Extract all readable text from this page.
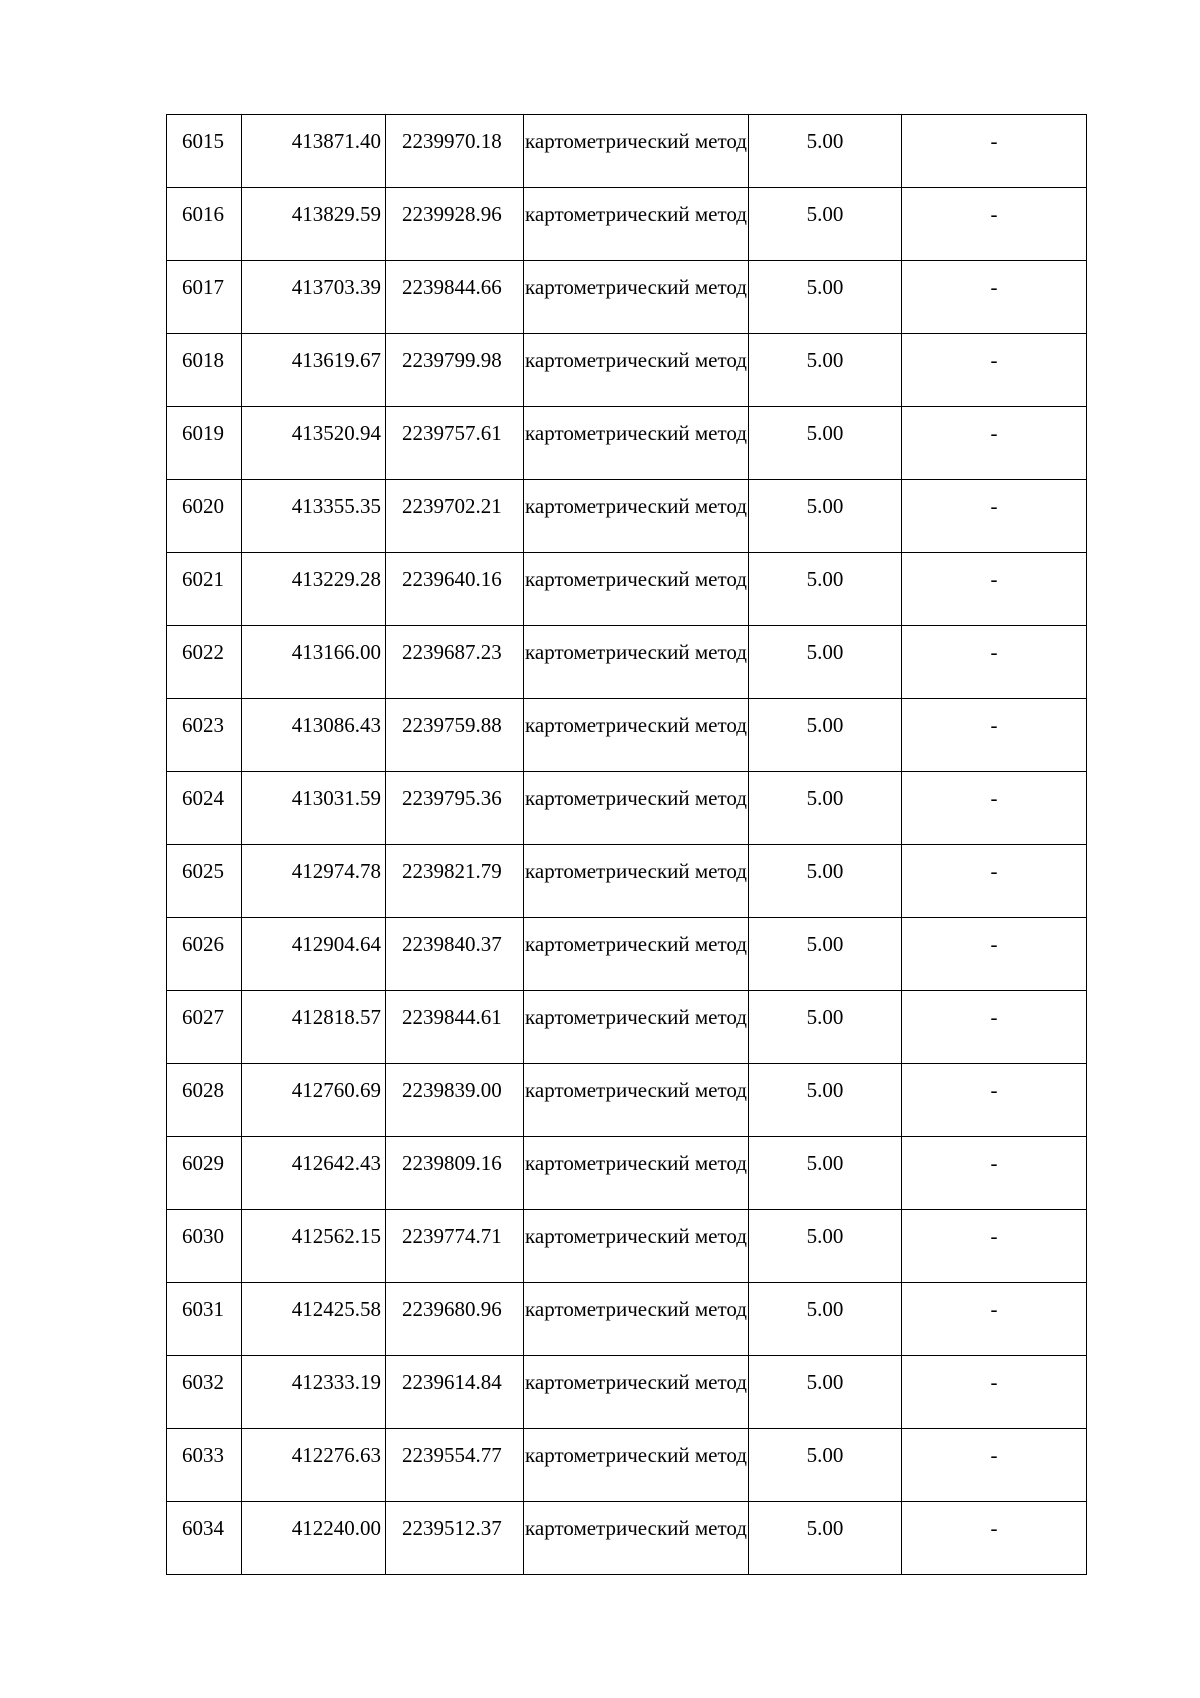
6015	413871.40	2239970.18	картометрический метод	5.00	-
6016	413829.59	2239928.96	картометрический метод	5.00	-
6017	413703.39	2239844.66	картометрический метод	5.00	-
6018	413619.67	2239799.98	картометрический метод	5.00	-
6019	413520.94	2239757.61	картометрический метод	5.00	-
6020	413355.35	2239702.21	картометрический метод	5.00	-
6021	413229.28	2239640.16	картометрический метод	5.00	-
6022	413166.00	2239687.23	картометрический метод	5.00	-
6023	413086.43	2239759.88	картометрический метод	5.00	-
6024	413031.59	2239795.36	картометрический метод	5.00	-
6025	412974.78	2239821.79	картометрический метод	5.00	-
6026	412904.64	2239840.37	картометрический метод	5.00	-
6027	412818.57	2239844.61	картометрический метод	5.00	-
6028	412760.69	2239839.00	картометрический метод	5.00	-
6029	412642.43	2239809.16	картометрический метод	5.00	-
6030	412562.15	2239774.71	картометрический метод	5.00	-
6031	412425.58	2239680.96	картометрический метод	5.00	-
6032	412333.19	2239614.84	картометрический метод	5.00	-
6033	412276.63	2239554.77	картометрический метод	5.00	-
6034	412240.00	2239512.37	картометрический метод	5.00	-
